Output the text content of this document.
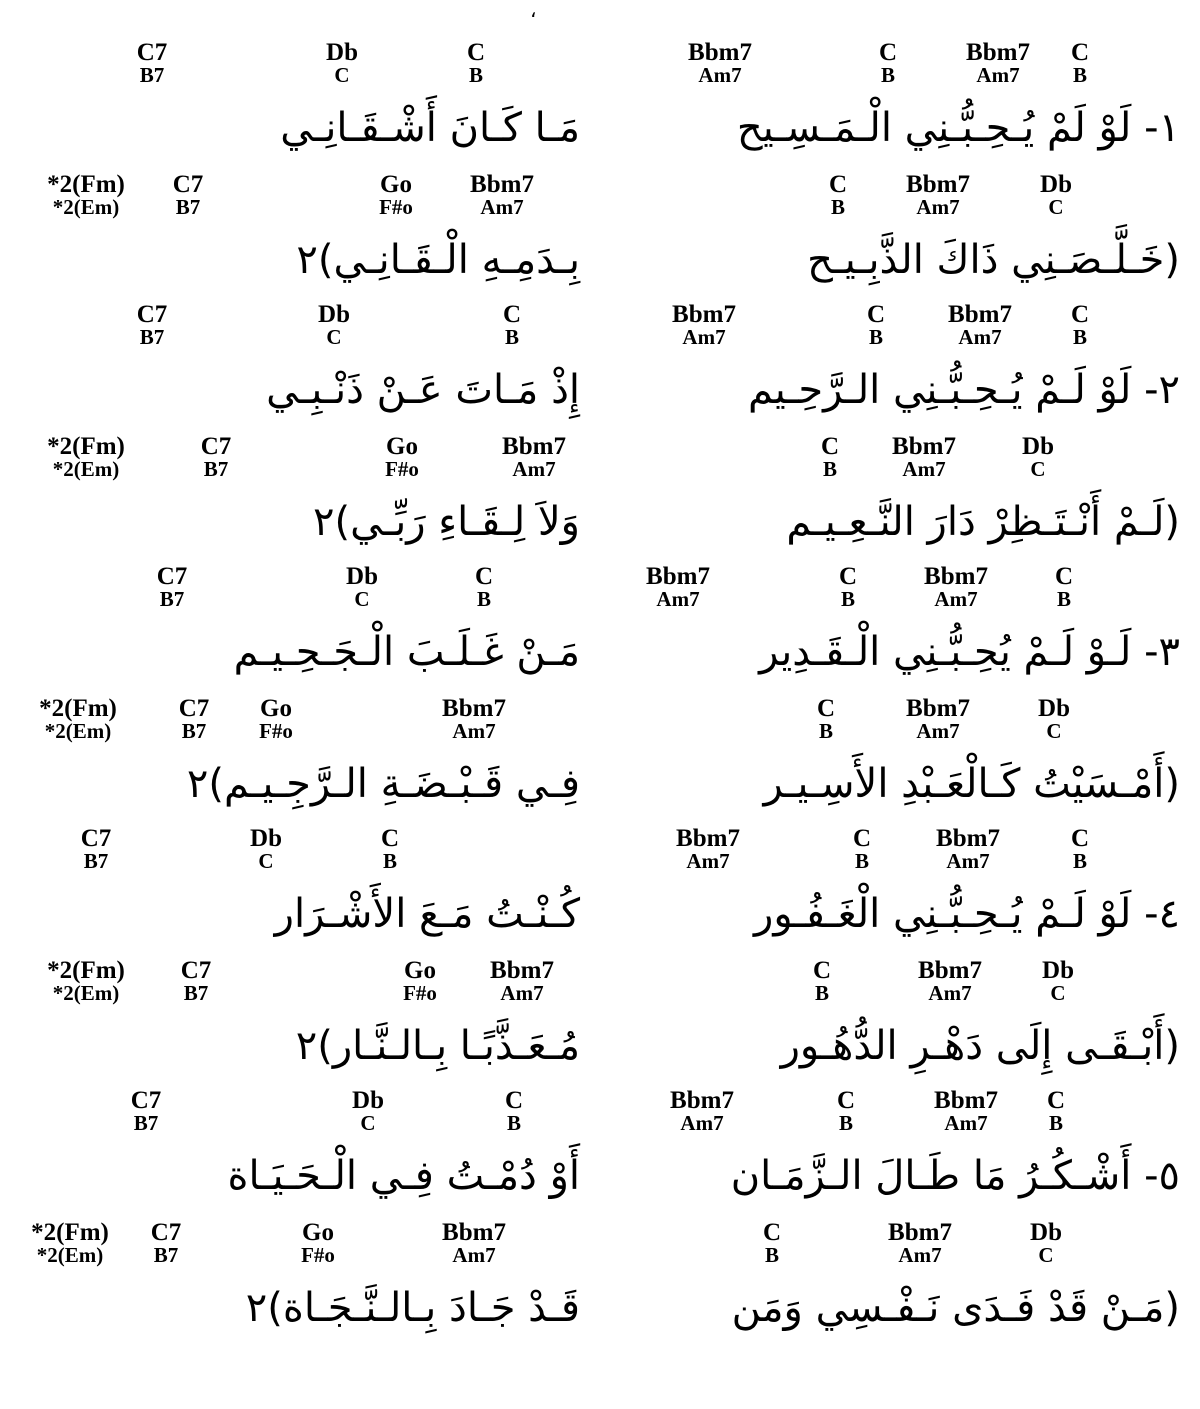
،
Bbm7
Am7
C
B
Bbm7
Am7
C
B
١- لَوْ لَمْ يُـحِـبُّـنِي الْـمَـسِـيح
C
B
Bbm7
Am7
Db
C
(خَـلَّـصَـنِي ذَاكَ الذَّبِـيـح
Bbm7
Am7
C
B
Bbm7
Am7
C
B
٢- لَوْ لَـمْ يُـحِـبُّـنِي الـرَّحِـيم
C
B
Bbm7
Am7
Db
C
(لَـمْ أَنْـتَـظِرْ دَارَ النَّـعِـيـم
Bbm7
Am7
C
B
Bbm7
Am7
C
B
٣- لَـوْ لَـمْ يُحِـبُّـنِي الْـقَـدِير
C
B
Bbm7
Am7
Db
C
(أَمْـسَيْتُ كَـالْعَـبْدِ الأَسِـيـر
Bbm7
Am7
C
B
Bbm7
Am7
C
B
٤- لَوْ لَـمْ يُـحِـبُّـنِي الْغَـفُـور
C
B
Bbm7
Am7
Db
C
(أَبْـقَـى إِلَى دَهْـرِ الدُّهُـور
Bbm7
Am7
C
B
Bbm7
Am7
C
B
٥- أَشْـكُـرُ مَا طَـالَ الـزَّمَـان
C
B
Bbm7
Am7
Db
C
(مَـنْ قَدْ فَـدَى نَـفْـسِي وَمَن
C7
B7
Db
C
C
B
مَـا كَـانَ أَشْـقَـانِـي
*2(Fm)
*2(Em)
C7
B7
Go
F#o
Bbm7
Am7
بِـدَمِـهِ الْـقَـانِـي)٢
C7
B7
Db
C
C
B
إِذْ مَـاتَ عَـنْ ذَنْـبِـي
*2(Fm)
*2(Em)
C7
B7
Go
F#o
Bbm7
Am7
وَلاَ لِـقَـاءِ رَبِّـي)٢
C7
B7
Db
C
C
B
مَـنْ غَـلَـبَ الْـجَـحِـيـم
*2(Fm)
*2(Em)
C7
B7
Go
F#o
Bbm7
Am7
فِـي قَـبْـضَـةِ الـرَّجِـيـم)٢
C7
B7
Db
C
C
B
كُـنْـتُ مَـعَ الأَشْـرَار
*2(Fm)
*2(Em)
C7
B7
Go
F#o
Bbm7
Am7
مُـعَـذَّبًـا بِـالـنَّـار)٢
C7
B7
Db
C
C
B
أَوْ دُمْـتُ فِـي الْـحَـيَـاة
*2(Fm)
*2(Em)
C7
B7
Go
F#o
Bbm7
Am7
قَـدْ جَـادَ بِـالـنَّـجَـاة)٢
